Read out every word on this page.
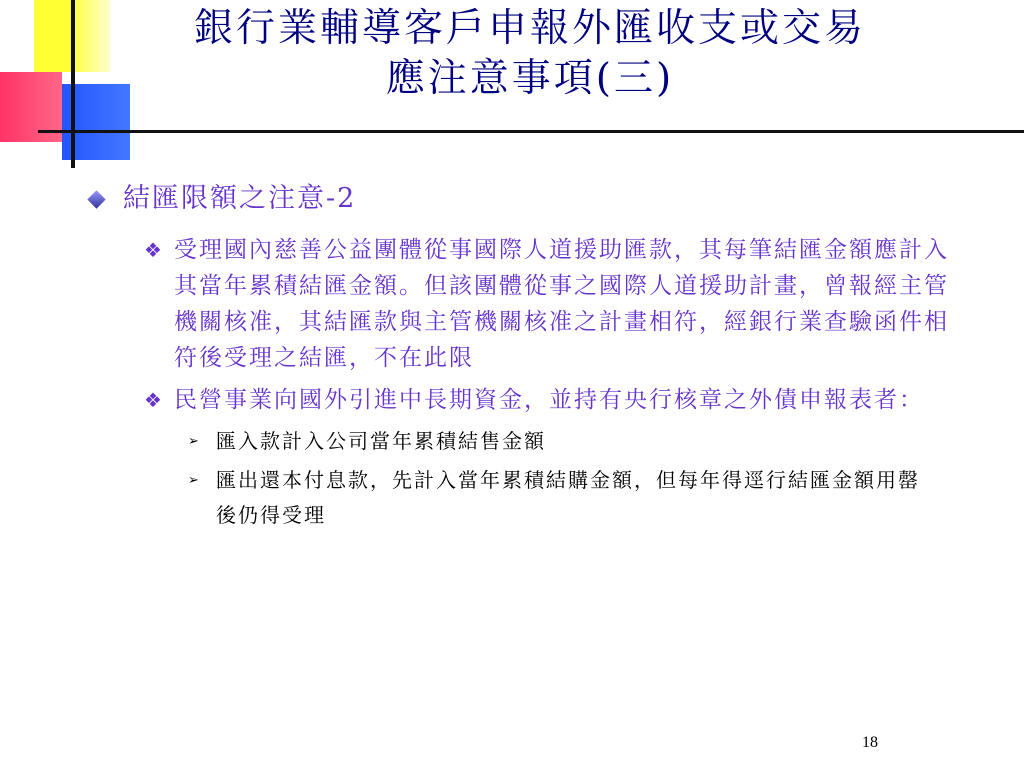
銀行業輔導客戶申報外匯收支或交易
應注意事項(三)
結匯限額之注意-2
❖ 受理國內慈善公益團體從事國際人道援助匯款，其每筆結匯金額應計入其當年累積結匯金額。但該團體從事之國際人道援助計畫，曾報經主管機關核准，其結匯款與主管機關核准之計畫相符，經銀行業查驗函件相符後受理之結匯，不在此限
❖ 民營事業向國外引進中長期資金，並持有央行核章之外債申報表者：
➢ 匯入款計入公司當年累積結售金額
➢ 匯出還本付息款，先計入當年累積結購金額，但每年得逕行結匯金額用罄後仍得受理
18
